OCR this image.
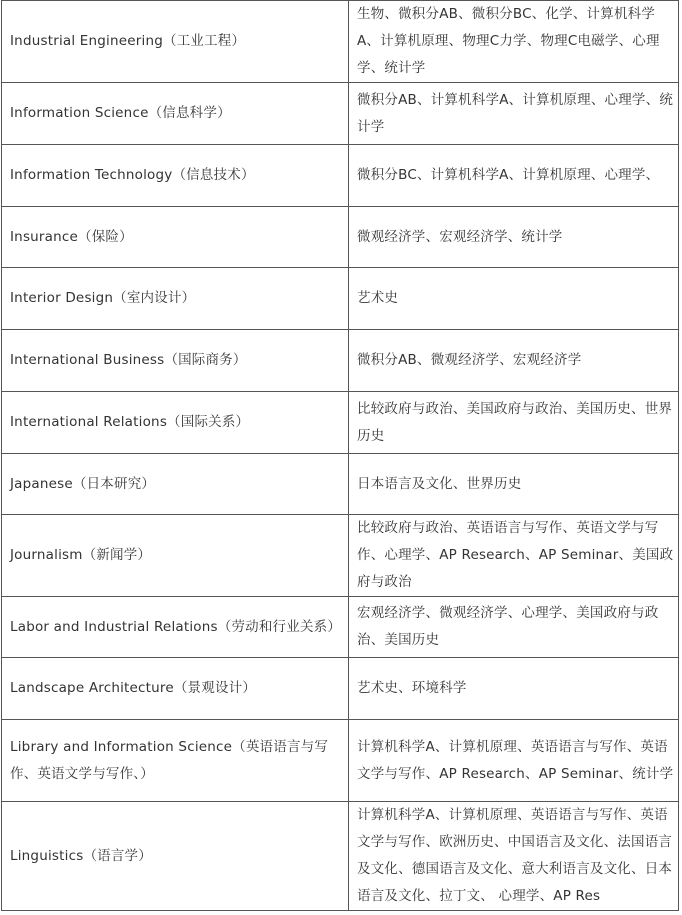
Industrial Engineering（工业工程）	生物、微积分AB、微积分BC、化学、计算机科学A、计算机原理、物理C力学、物理C电磁学、心理学、统计学
Information Science（信息科学）	微积分AB、计算机科学A、计算机原理、心理学、统计学
Information Technology（信息技术）	微积分BC、计算机科学A、计算机原理、心理学、
Insurance（保险）	微观经济学、宏观经济学、统计学
Interior Design（室内设计）	艺术史
International Business（国际商务）	微积分AB、微观经济学、宏观经济学
International Relations（国际关系）	比较政府与政治、美国政府与政治、美国历史、世界历史
Japanese（日本研究）	日本语言及文化、世界历史
Journalism（新闻学）	比较政府与政治、英语语言与写作、英语文学与写作、心理学、AP Research、AP Seminar、美国政府与政治
Labor and Industrial Relations（劳动和行业关系）	宏观经济学、微观经济学、心理学、美国政府与政治、美国历史
Landscape Architecture（景观设计）	艺术史、环境科学
Library and Information Science（英语语言与写作、英语文学与写作、）	计算机科学A、计算机原理、英语语言与写作、英语文学与写作、AP Research、AP Seminar、统计学
Linguistics（语言学）	计算机科学A、计算机原理、英语语言与写作、英语文学与写作、欧洲历史、中国语言及文化、法国语言及文化、德国语言及文化、意大利语言及文化、日本语言及文化、拉丁文、 心理学、AP Res
